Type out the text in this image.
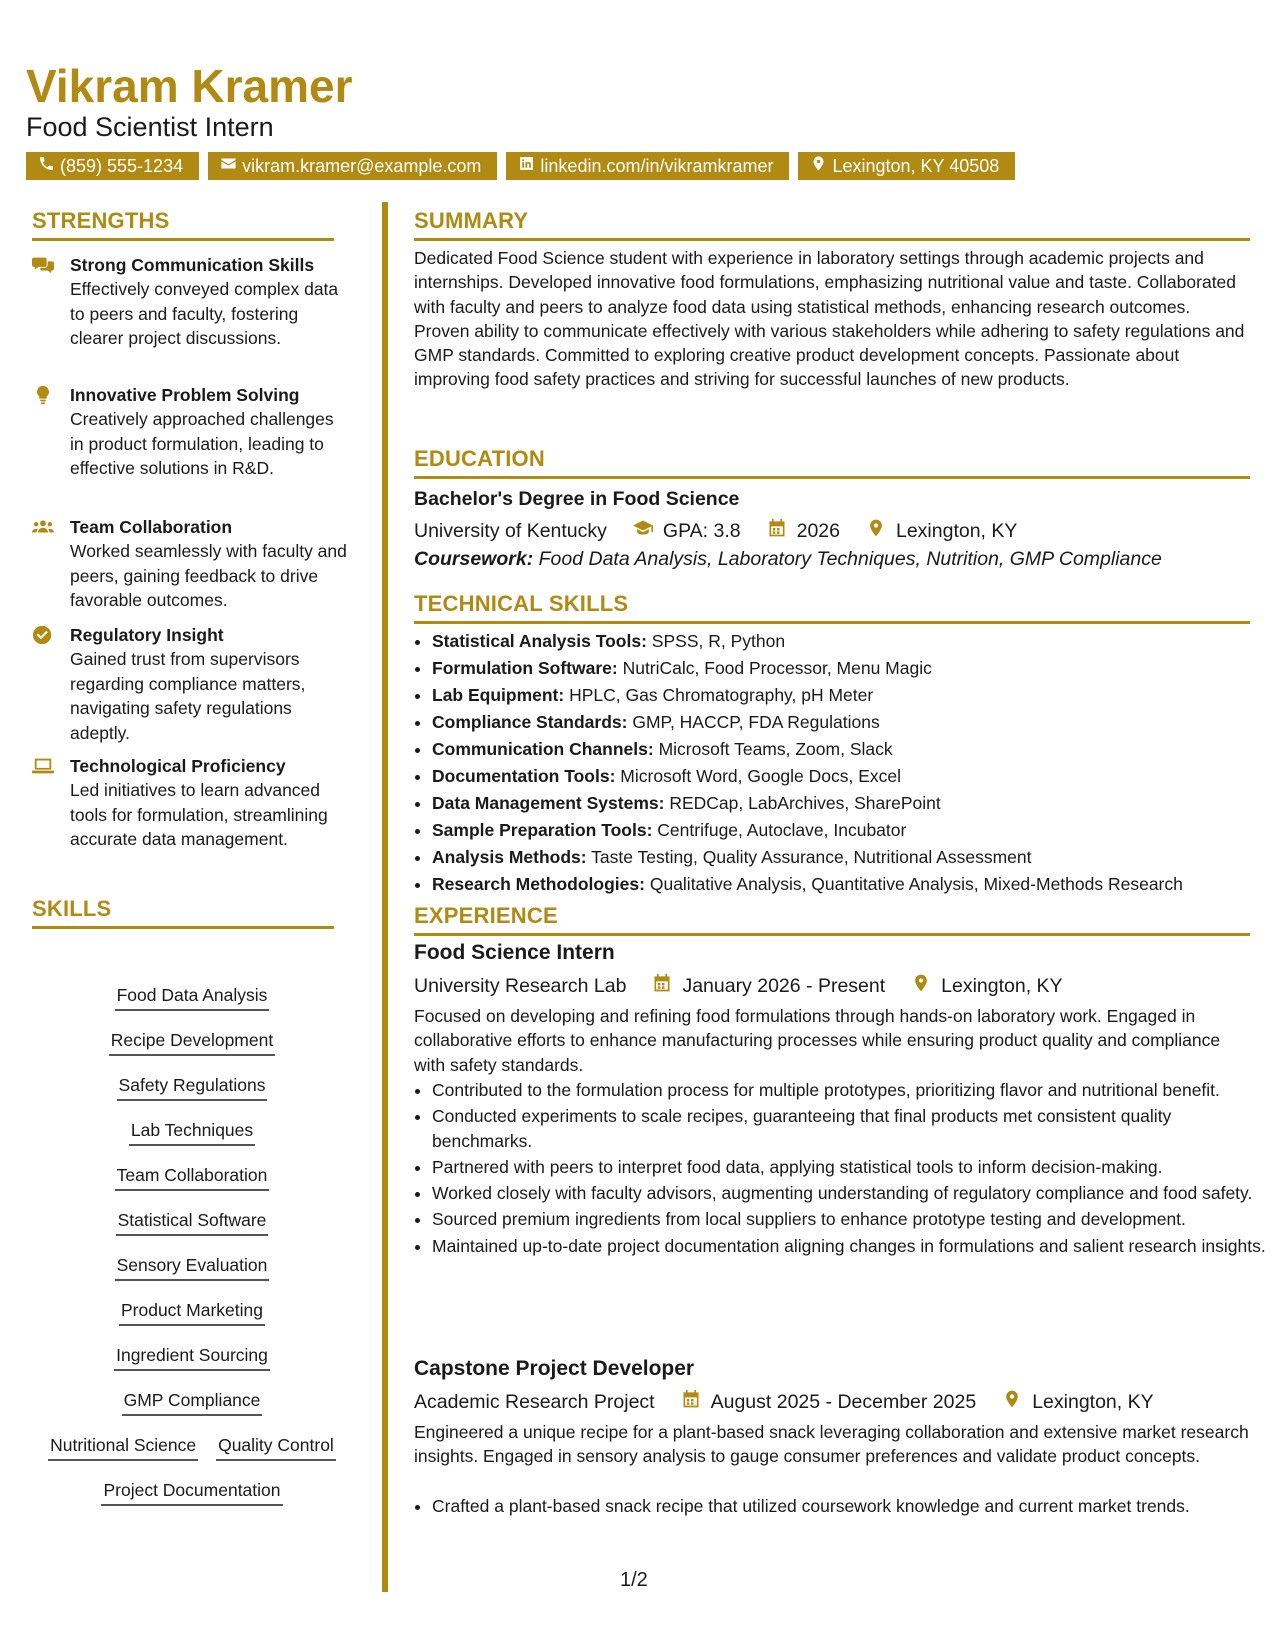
Vikram Kramer
Food Scientist Intern
(859) 555-1234	vikram.kramer@example.com	linkedin.com/in/vikramkramer	Lexington, KY 40508
STRENGTHS
Strong Communication Skills
Effectively conveyed complex data to peers and faculty, fostering clearer project discussions.
Innovative Problem Solving
Creatively approached challenges in product formulation, leading to effective solutions in R&D.
Team Collaboration
Worked seamlessly with faculty and peers, gaining feedback to drive favorable outcomes.
Regulatory Insight
Gained trust from supervisors regarding compliance matters, navigating safety regulations adeptly.
Technological Proficiency
Led initiatives to learn advanced tools for formulation, streamlining accurate data management.
SKILLS
Food Data Analysis
Recipe Development
Safety Regulations
Lab Techniques
Team Collaboration
Statistical Software
Sensory Evaluation
Product Marketing
Ingredient Sourcing
GMP Compliance
Nutritional Science Quality Control
Project Documentation
SUMMARY

Dedicated Food Science student with experience in laboratory settings through academic projects and internships. Developed innovative food formulations, emphasizing nutritional value and taste. Collaborated with faculty and peers to analyze food data using statistical methods, enhancing research outcomes. Proven ability to communicate effectively with various stakeholders while adhering to safety regulations and GMP standards. Committed to exploring creative product development concepts. Passionate about improving food safety practices and striving for successful launches of new products.

EDUCATION
Bachelor's Degree in Food Science
University of Kentucky	GPA: 3.8	2026	Lexington, KY
Coursework: Food Data Analysis, Laboratory Techniques, Nutrition, GMP Compliance
TECHNICAL SKILLS
• Statistical Analysis Tools: SPSS, R, Python
• Formulation Software: NutriCalc, Food Processor, Menu Magic
• Lab Equipment: HPLC, Gas Chromatography, pH Meter
• Compliance Standards: GMP, HACCP, FDA Regulations
• Communication Channels: Microsoft Teams, Zoom, Slack
• Documentation Tools: Microsoft Word, Google Docs, Excel
• Data Management Systems: REDCap, LabArchives, SharePoint
• Sample Preparation Tools: Centrifuge, Autoclave, Incubator
• Analysis Methods: Taste Testing, Quality Assurance, Nutritional Assessment
• Research Methodologies: Qualitative Analysis, Quantitative Analysis, Mixed-Methods Research
EXPERIENCE
Food Science Intern
University Research Lab	January 2026 - Present	Lexington, KY

Focused on developing and refining food formulations through hands-on laboratory work. Engaged in collaborative efforts to enhance manufacturing processes while ensuring product quality and compliance with safety standards.

• Contributed to the formulation process for multiple prototypes, prioritizing flavor and nutritional benefit.
• Conducted experiments to scale recipes, guaranteeing that final products met consistent quality benchmarks.
• Partnered with peers to interpret food data, applying statistical tools to inform decision-making.
• Worked closely with faculty advisors, augmenting understanding of regulatory compliance and food safety.
• Sourced premium ingredients from local suppliers to enhance prototype testing and development.
• Maintained up-to-date project documentation aligning changes in formulations and salient research insights.
Capstone Project Developer
Academic Research Project	August 2025 - December 2025	Lexington, KY

Engineered a unique recipe for a plant-based snack leveraging collaboration and extensive market research insights. Engaged in sensory analysis to gauge consumer preferences and validate product concepts.

• Crafted a plant-based snack recipe that utilized coursework knowledge and current market trends.
1/2
